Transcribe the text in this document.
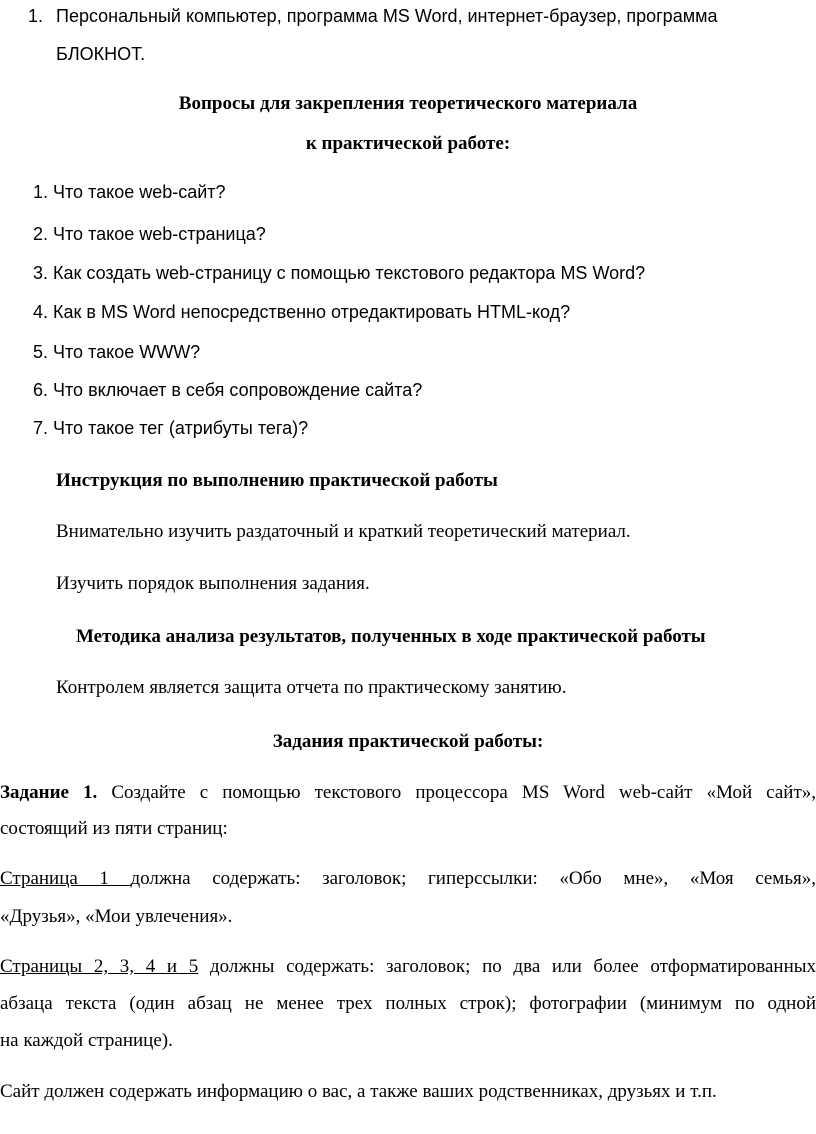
1. Персональный компьютер, программа MS Word, интернет-браузер, программа
БЛОКНОТ.
Вопросы для закрепления теоретического материала
к практической работе:
1. Что такое web-сайт?
2. Что такое web-страница?
3. Как создать web-страницу с помощью текстового редактора MS Word?
4. Как в MS Word непосредственно отредактировать HTML-код?
5. Что такое WWW?
6. Что включает в себя сопровождение сайта?
7. Что такое тег (атрибуты тега)?
Инструкция по выполнению практической работы
Внимательно изучить раздаточный и краткий теоретический материал.
Изучить порядок выполнения задания.
Методика анализа результатов, полученных в ходе практической работы
Контролем является защита отчета по практическому занятию.
Задания практической работы:
Задание 1. Создайте с помощью текстового процессора MS Word web-сайт «Мой сайт»,
состоящий из пяти страниц:
Страница 1 должна содержать: заголовок; гиперссылки: «Обо мне», «Моя семья»,
«Друзья», «Мои увлечения».
Страницы 2, 3, 4 и 5 должны содержать: заголовок; по два или более отформатированных
абзаца текста (один абзац не менее трех полных строк); фотографии (минимум по одной
на каждой странице).
Сайт должен содержать информацию о вас, а также ваших родственниках, друзьях и т.п.
